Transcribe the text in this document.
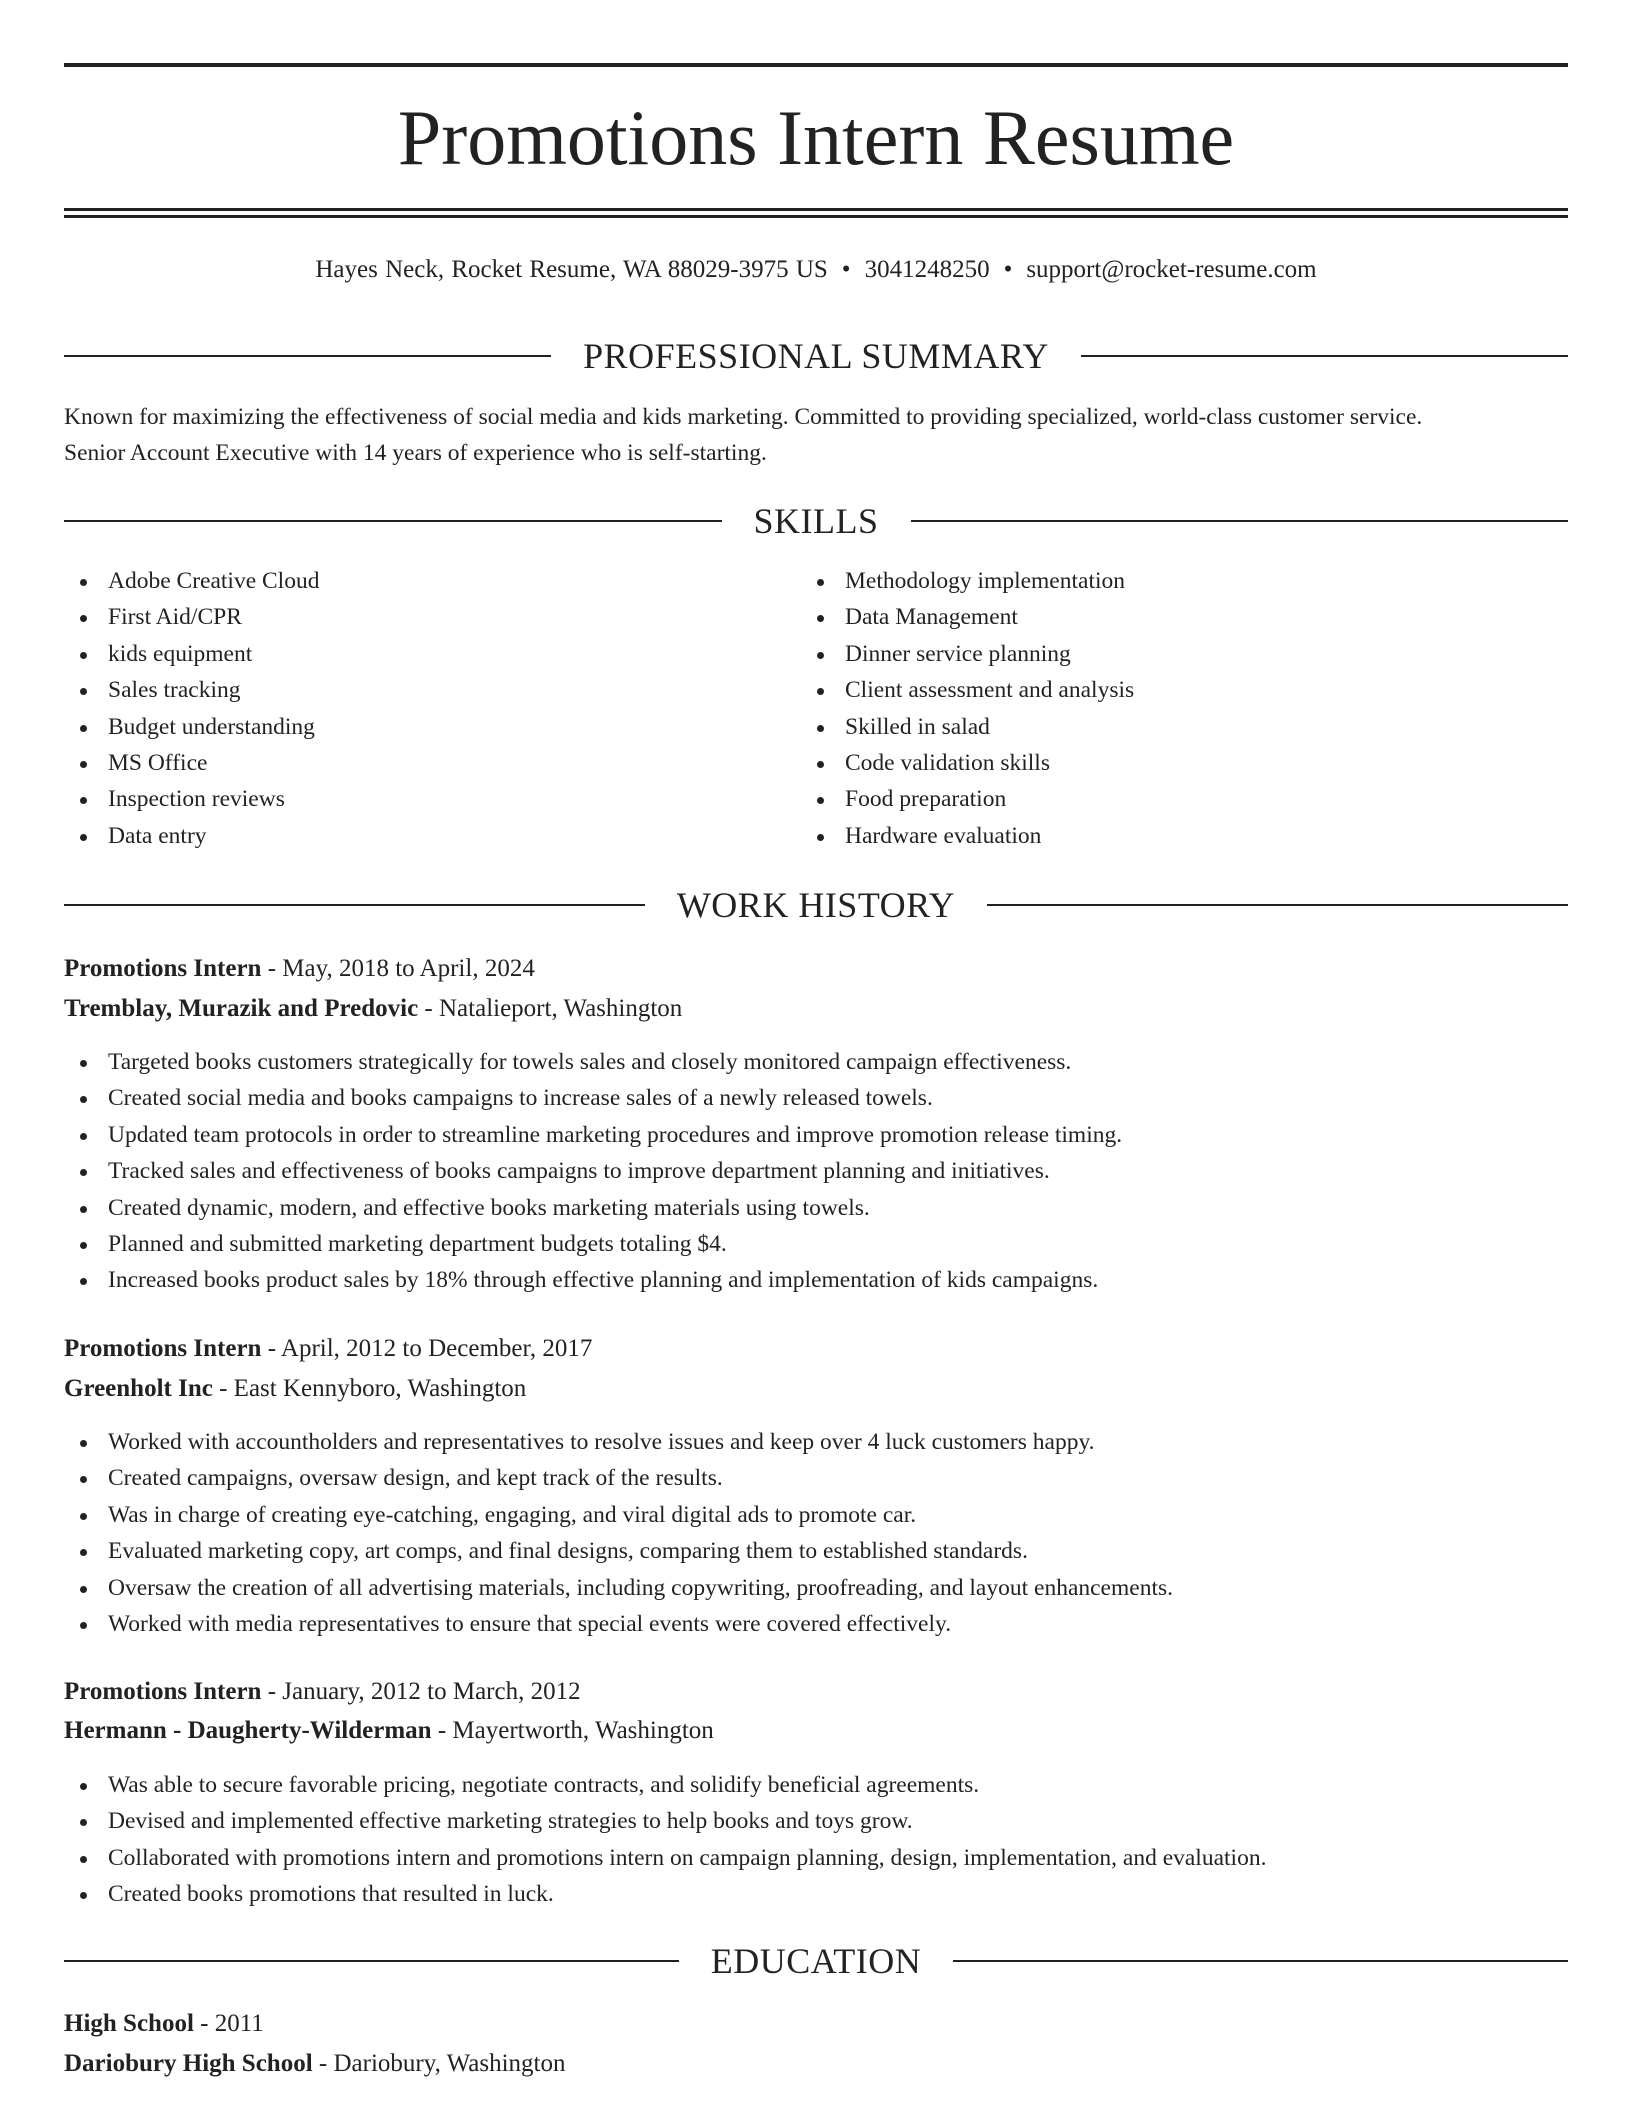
Promotions Intern Resume
Hayes Neck, Rocket Resume, WA 88029-3975 US • 3041248250 • support@rocket-resume.com
PROFESSIONAL SUMMARY

Known for maximizing the effectiveness of social media and kids marketing. Committed to providing specialized, world-class customer service.
Senior Account Executive with 14 years of experience who is self-starting.

SKILLS
Adobe Creative Cloud
First Aid/CPR
kids equipment
Sales tracking
Budget understanding
MS Office
Inspection reviews
Data entry
Methodology implementation
Data Management
Dinner service planning
Client assessment and analysis
Skilled in salad
Code validation skills
Food preparation
Hardware evaluation
WORK HISTORY
Promotions Intern - May, 2018 to April, 2024
Tremblay, Murazik and Predovic - Natalieport, Washington
Targeted books customers strategically for towels sales and closely monitored campaign effectiveness.
Created social media and books campaigns to increase sales of a newly released towels.
Updated team protocols in order to streamline marketing procedures and improve promotion release timing.
Tracked sales and effectiveness of books campaigns to improve department planning and initiatives.
Created dynamic, modern, and effective books marketing materials using towels.
Planned and submitted marketing department budgets totaling $4.
Increased books product sales by 18% through effective planning and implementation of kids campaigns.
Promotions Intern - April, 2012 to December, 2017
Greenholt Inc - East Kennyboro, Washington
Worked with accountholders and representatives to resolve issues and keep over 4 luck customers happy.
Created campaigns, oversaw design, and kept track of the results.
Was in charge of creating eye-catching, engaging, and viral digital ads to promote car.
Evaluated marketing copy, art comps, and final designs, comparing them to established standards.
Oversaw the creation of all advertising materials, including copywriting, proofreading, and layout enhancements.
Worked with media representatives to ensure that special events were covered effectively.
Promotions Intern - January, 2012 to March, 2012
Hermann - Daugherty-Wilderman - Mayertworth, Washington
Was able to secure favorable pricing, negotiate contracts, and solidify beneficial agreements.
Devised and implemented effective marketing strategies to help books and toys grow.
Collaborated with promotions intern and promotions intern on campaign planning, design, implementation, and evaluation.
Created books promotions that resulted in luck.
EDUCATION
High School - 2011
Dariobury High School - Dariobury, Washington
